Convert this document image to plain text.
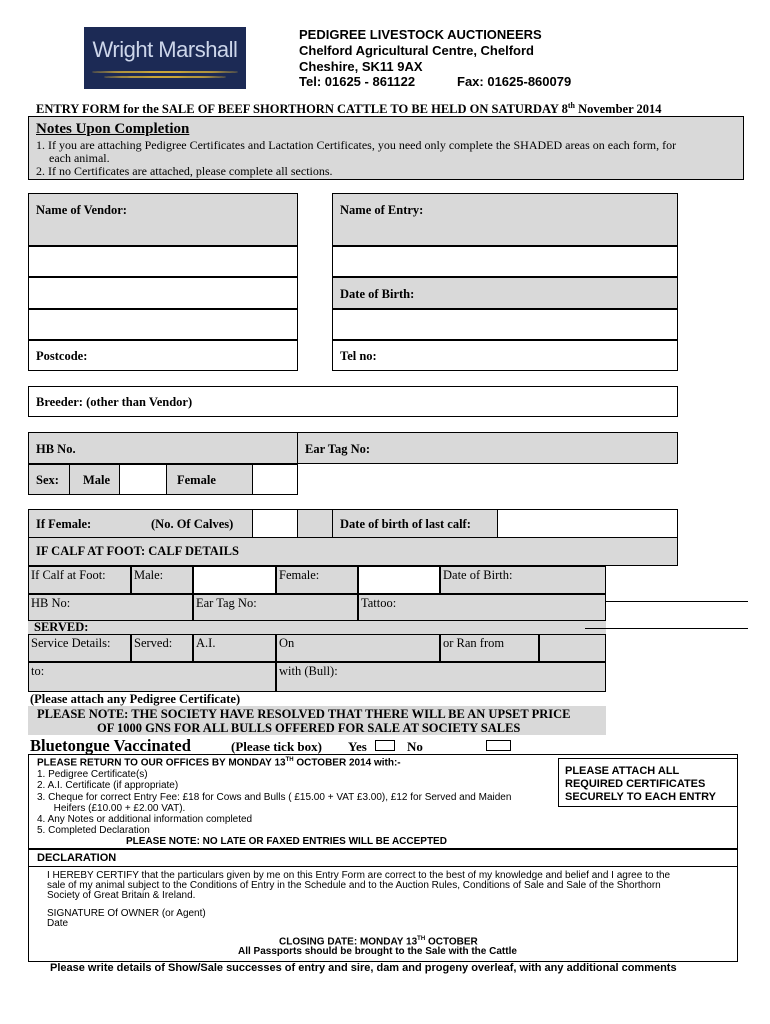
Wright Marshall
PEDIGREE LIVESTOCK AUCTIONEERS
Chelford Agricultural Centre, Chelford
Cheshire, SK11 9AX
Tel: 01625 - 861122	Fax: 01625-860079
ENTRY FORM for the SALE OF BEEF SHORTHORN CATTLE TO BE HELD ON SATURDAY 8th November 2014
Notes Upon Completion
1. If you are attaching Pedigree Certificates and Lactation Certificates, you need only complete the SHADED areas on each form, for
each animal.
2. If no Certificates are attached, please complete all sections.
Name of Vendor:	Name of Entry:
Date of Birth:
Postcode:	Tel no:
Breeder: (other than Vendor)
HB No.	Ear Tag No:
Sex: Male	Female
If Female:	(No. Of Calves)	Date of birth of last calf:
IF CALF AT FOOT: CALF DETAILS
If Calf at Foot:	Male:	Female:	Date of Birth:
HB No:	Ear Tag No:	Tattoo:
SERVED:
Service Details:	Served:	A.I.	On	or Ran from
to:	with (Bull):
(Please attach any Pedigree Certificate)
PLEASE NOTE: THE SOCIETY HAVE RESOLVED THAT THERE WILL BE AN UPSET PRICE
OF 1000 GNS FOR ALL BULLS OFFERED FOR SALE AT SOCIETY SALES
Bluetongue Vaccinated	(Please tick box) Yes	No
PLEASE RETURN TO OUR OFFICES BY MONDAY 13TH OCTOBER 2014 with:-
1. Pedigree Certificate(s)
2. A.I. Certificate (if appropriate)
3. Cheque for correct Entry Fee: £18 for Cows and Bulls ( £15.00 + VAT £3.00), £12 for Served and Maiden
Heifers (£10.00 + £2.00 VAT).
4. Any Notes or additional information completed
5. Completed Declaration
PLEASE NOTE: NO LATE OR FAXED ENTRIES WILL BE ACCEPTED
PLEASE ATTACH ALL
REQUIRED CERTIFICATES
SECURELY TO EACH ENTRY
DECLARATION
I HEREBY CERTIFY that the particulars given by me on this Entry Form are correct to the best of my knowledge and belief and I agree to the
sale of my animal subject to the Conditions of Entry in the Schedule and to the Auction Rules, Conditions of Sale and Sale of the Shorthorn
Society of Great Britain & Ireland.
SIGNATURE Of OWNER (or Agent)
Date
CLOSING DATE: MONDAY 13TH OCTOBER
All Passports should be brought to the Sale with the Cattle
Please write details of Show/Sale successes of entry and sire, dam and progeny overleaf, with any additional comments
